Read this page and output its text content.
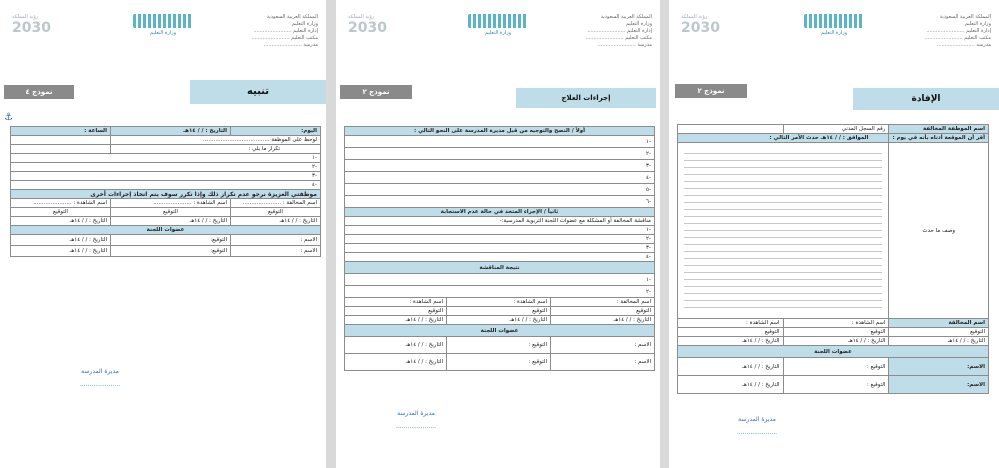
المملكة العربية السعودية
وزارة التعليم
إدارة التعليم ........................
مكتب التعليم ........................
مدرسة ........................
وزارة التعليم
رؤية المملكة
2030
نموذج ٤	تنبيه
⚓
اليوم:	التاريخ : / / ١٤هـ	الساعة :
لوحظ على الموظفة ......................................		
تكرار ما يلي :		
-١		
-٢		
-٣		
-٤		
موظفتي العزيزة نرجو عدم تكرار ذلك وإذا تكرر سوف يتم اتخاذ إجراءات أخرى		
اسم المخالفة : ......................	اسم الشاهدة : ......................	اسم الشاهدة : ......................
التوقيع	التوقيع	التوقيع
التاريخ : / / ١٤هـ	التاريخ : / / ١٤هـ	التاريخ : / / ١٤هـ
عضوات اللجنة		
الاسم :	التوقيع:	التاريخ : / / ١٤هـ
الاسم :	التوقيع:	التاريخ : / / ١٤هـ
مديرة المدرسة
.....................
المملكة العربية السعودية
وزارة التعليم
إدارة التعليم ........................
مكتب التعليم ........................
مدرسة ........................
وزارة التعليم
رؤية المملكة
2030
نموذج ٢
إجراءات العلاج
أولاً / النصح والتوجيه من قبل مديرة المدرسة على النحو التالي :		
-١		
-٢		
-٣		
-٤		
-٥		
-٦		
ثانياً / الإجراء المتخذ في حالة عدم الاستجابة		
مناقشة المخالفة أو المشكلة مع عضوات اللجنة التربوية المدرسية:-		
-١		
-٢		
-٣		
-٤		
نتيجة المناقشة		
-١		
-٢		
اسم المخالفة :	اسم الشاهدة :	اسم الشاهدة :
التوقيع	التوقيع	التوقيع
التاريخ : / / ١٤هـ	التاريخ : / / ١٤هـ	التاريخ : / / ١٤هـ
عضوات اللجنة		
الاسم :	التوقيع :	التاريخ : / / ١٤هـ
الاسم :	التوقيع :	التاريخ : / / ١٤هـ
مديرة المدرسة
.....................
المملكة العربية السعودية
وزارة التعليم
إدارة التعليم ........................
مكتب التعليم ........................
مدرسة ........................
وزارة التعليم
رؤية المملكة
2030
نموذج ٢
الإفادة
اسم الموظفة المخالفة	رقم السجل المدني	
أقر أن الموقعة أدناه بأنه في يوم :	الموافق : / / ١٤هـ حدث الأمر التالي :	
وصف ما حدث		

اسم المخالفة	اسم الشاهدة :	اسم الشاهدة :
التوقيع	التوقيع	التوقيع
التاريخ : / / ١٤هـ	التاريخ : / / ١٤هـ	التاريخ : / / ١٤هـ
عضوات اللجنة		
الاسم:	التوقيع :	التاريخ : / / ١٤هـ
الاسم:	التوقيع :	التاريخ : / / ١٤هـ
مديرة المدرسة
.....................
